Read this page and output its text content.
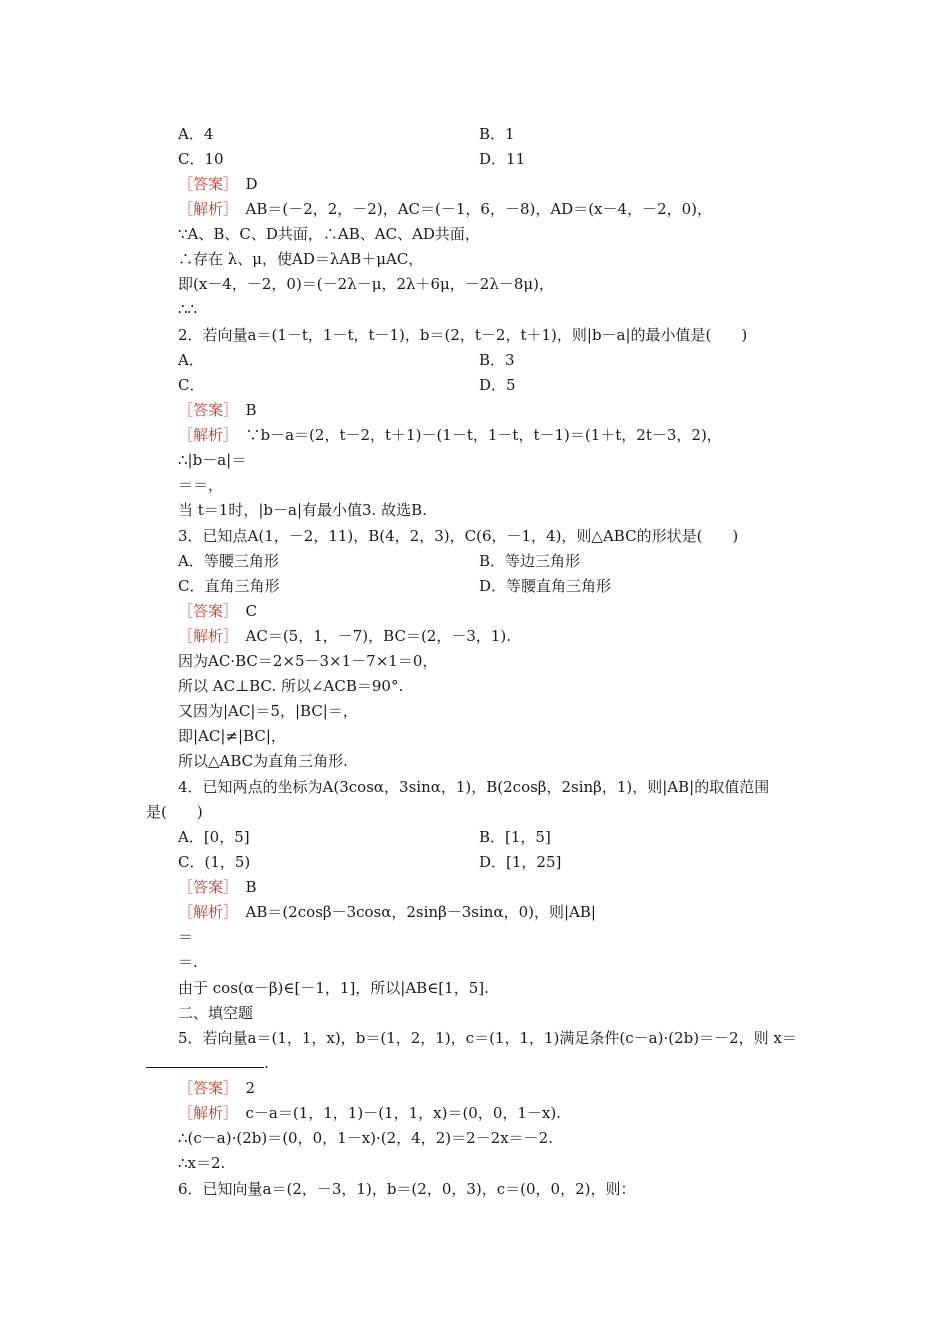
A．4	B．1
C．10	D．11
［答案］　D
［解析］　AB＝(－2，2，－2)，AC＝(－1，6，－8)，AD＝(x－4，－2，0)，
∵A、B、C、D共面，∴AB、AC、AD共面，
∴存在 λ、μ，使AD＝λAB＋μAC，
即(x－4，－2，0)＝(－2λ－μ，2λ＋6μ，－2λ－8μ)，
∴∴
2．若向量a＝(1－t，1－t，t－1)，b＝(2，t－2，t＋1)，则|b－a|的最小值是(　　)
A．	B．3
C．	D．5
［答案］　B
［解析］　∵b－a＝(2，t－2，t＋1)－(1－t，1－t，t－1)＝(1＋t，2t－3，2)，
∴|b－a|＝
＝＝，
当 t＝1时，|b－a|有最小值3. 故选B.
3．已知点A(1，－2，11)，B(4，2，3)，C(6，－1，4)，则△ABC的形状是(　　)
A．等腰三角形	B．等边三角形
C．直角三角形	D．等腰直角三角形
［答案］　C
［解析］　AC＝(5，1，－7)，BC＝(2，－3，1).
因为AC·BC＝2×5－3×1－7×1＝0，
所以 AC⊥BC. 所以∠ACB＝90°.
又因为|AC|＝5，|BC|＝，
即|AC|≠|BC|，
所以△ABC为直角三角形.
4．已知两点的坐标为A(3cosα，3sinα，1)，B(2cosβ，2sinβ，1)，则|AB|的取值范围
是(　　)
A．[0，5]	B．[1，5]
C．(1，5)	D．[1，25]
［答案］　B
［解析］　AB＝(2cosβ－3cosα，2sinβ－3sinα，0)，则|AB|
＝
＝.
由于 cos(α－β)∈[－1，1]，所以|AB∈[1，5].
二、填空题
5．若向量a＝(1，1，x)，b＝(1，2，1)，c＝(1，1，1)满足条件(c－a)·(2b)＝－2，则 x＝
.
［答案］　2
［解析］　c－a＝(1，1，1)－(1，1，x)＝(0，0，1－x).
∴(c－a)·(2b)＝(0，0，1－x)·(2，4，2)＝2－2x＝－2.
∴x＝2.
6．已知向量a＝(2，－3，1)，b＝(2，0，3)，c＝(0，0，2)，则：
